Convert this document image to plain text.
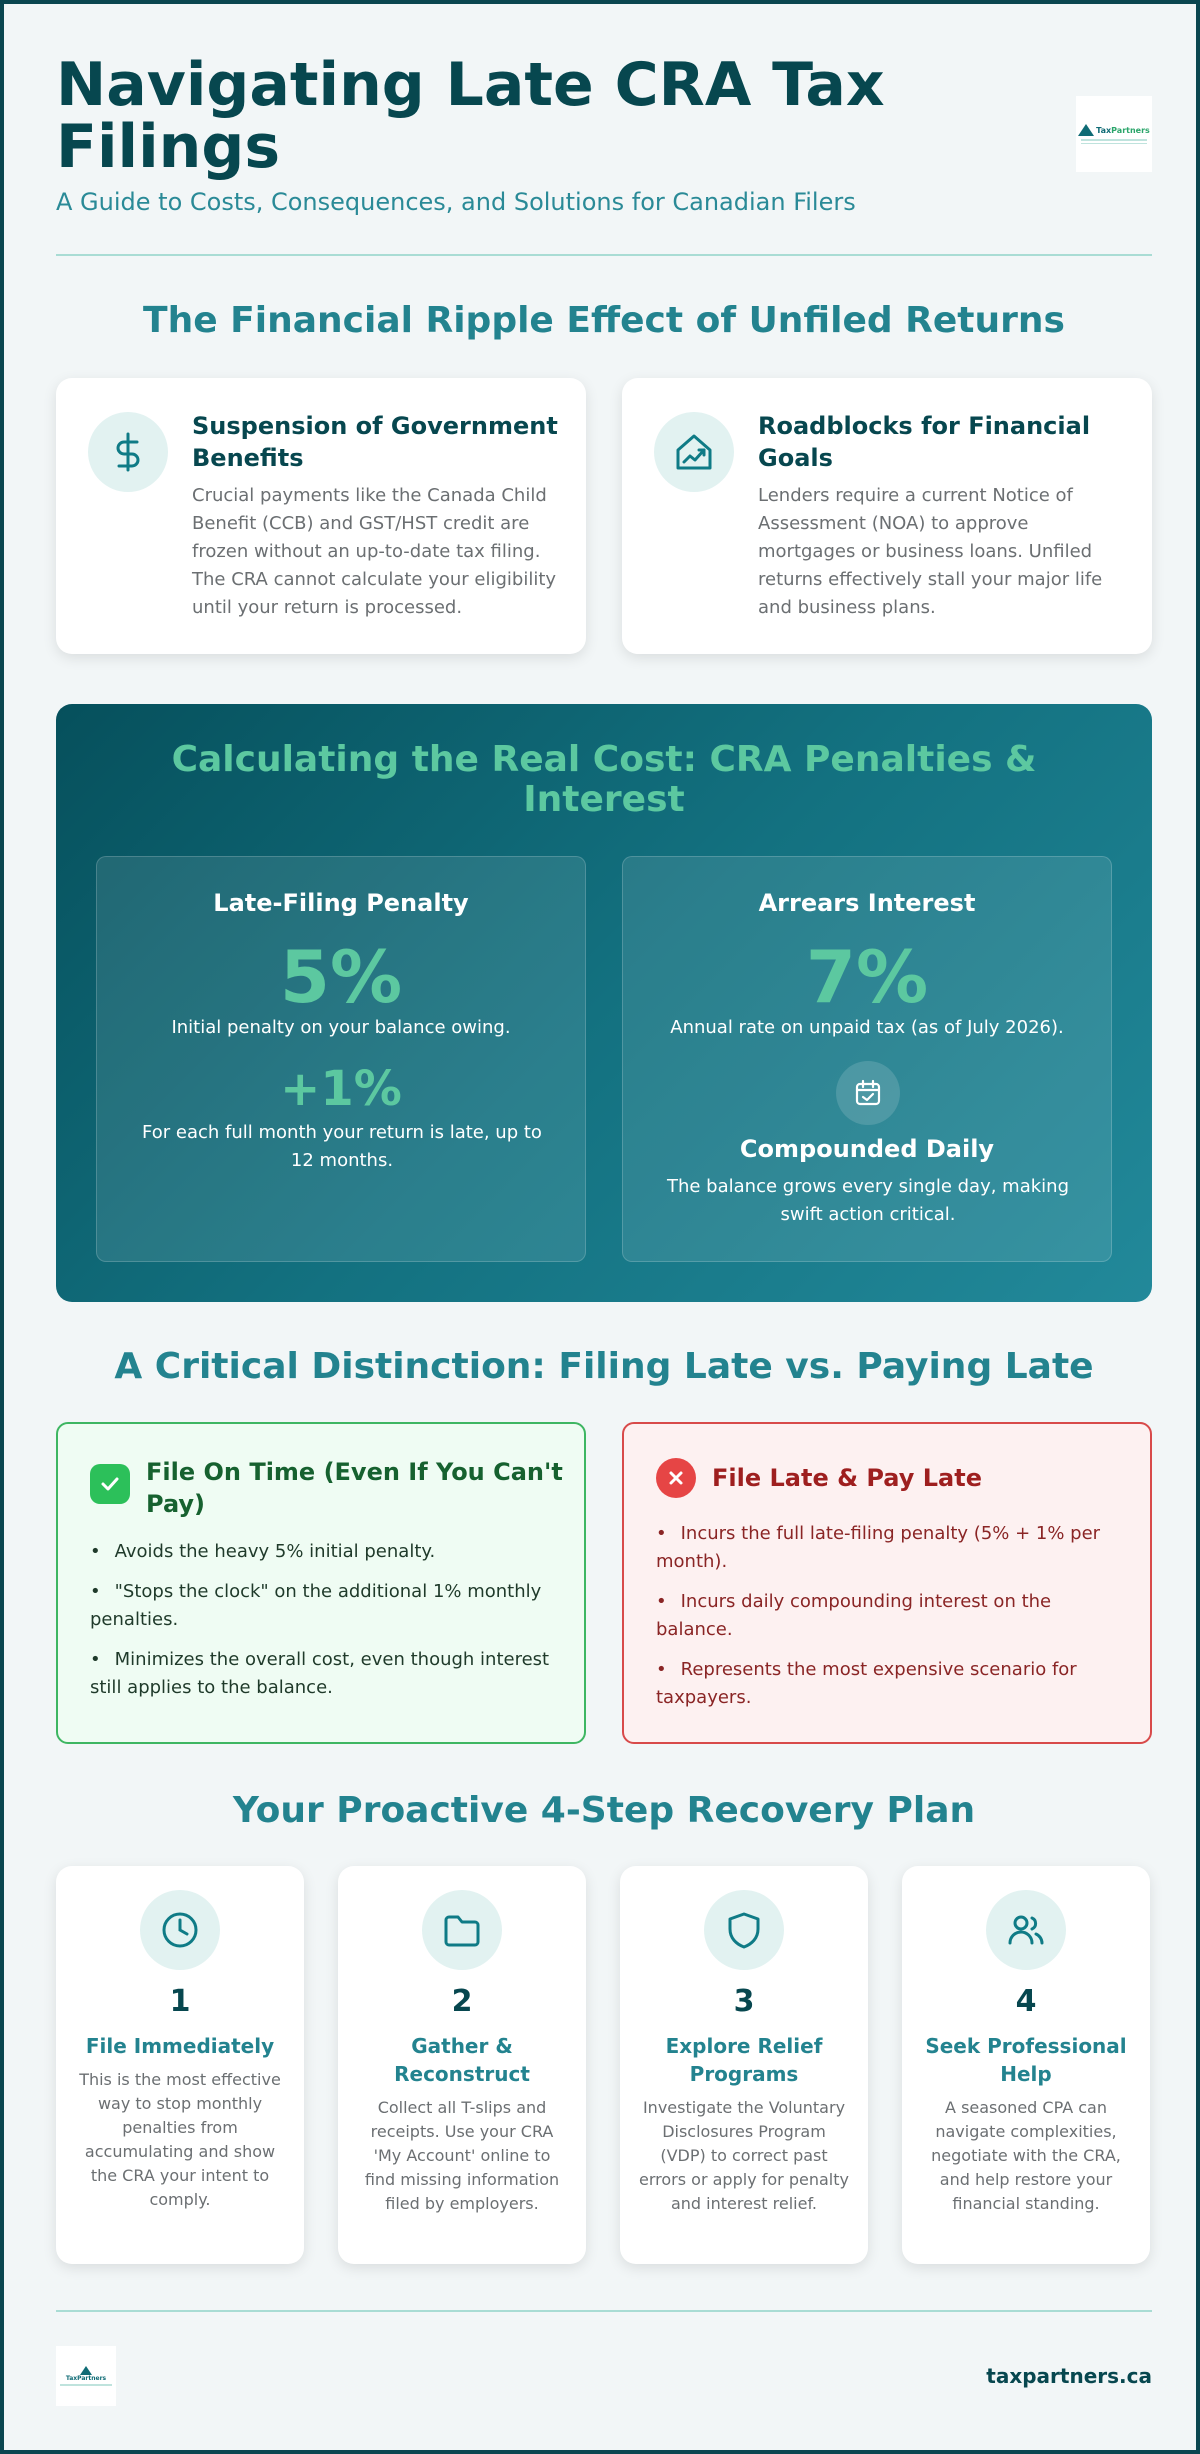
Navigating Late CRA Tax Filings
A Guide to Costs, Consequences, and Solutions for Canadian Filers
TaxPartners
The Financial Ripple Effect of Unfiled Returns
Suspension of Government Benefits

Crucial payments like the Canada Child Benefit (CCB) and GST/HST credit are frozen without an up-to-date tax filing. The CRA cannot calculate your eligibility until your return is processed.

Roadblocks for Financial Goals

Lenders require a current Notice of Assessment (NOA) to approve mortgages or business loans. Unfiled returns effectively stall your major life and business plans.

Calculating the Real Cost: CRA Penalties & Interest
Late-Filing Penalty
5%
Initial penalty on your balance owing.
+1%
For each full month your return is late, up to 12 months.
Arrears Interest
7%
Annual rate on unpaid tax (as of July 2026).
Compounded Daily
The balance grows every single day, making swift action critical.
A Critical Distinction: Filing Late vs. Paying Late
File On Time (Even If You Can't Pay)
• Avoids the heavy 5% initial penalty.
• "Stops the clock" on the additional 1% monthly penalties.
• Minimizes the overall cost, even though interest still applies to the balance.
File Late & Pay Late
• Incurs the full late-filing penalty (5% + 1% per month).
• Incurs daily compounding interest on the balance.
• Represents the most expensive scenario for taxpayers.
Your Proactive 4-Step Recovery Plan
1
File Immediately
This is the most effective way to stop monthly penalties from accumulating and show the CRA your intent to comply.
2
Gather & Reconstruct
Collect all T-slips and receipts. Use your CRA 'My Account' online to find missing information filed by employers.
3
Explore Relief Programs
Investigate the Voluntary Disclosures Program (VDP) to correct past errors or apply for penalty and interest relief.
4
Seek Professional Help
A seasoned CPA can navigate complexities, negotiate with the CRA, and help restore your financial standing.
TaxPartners	taxpartners.ca
